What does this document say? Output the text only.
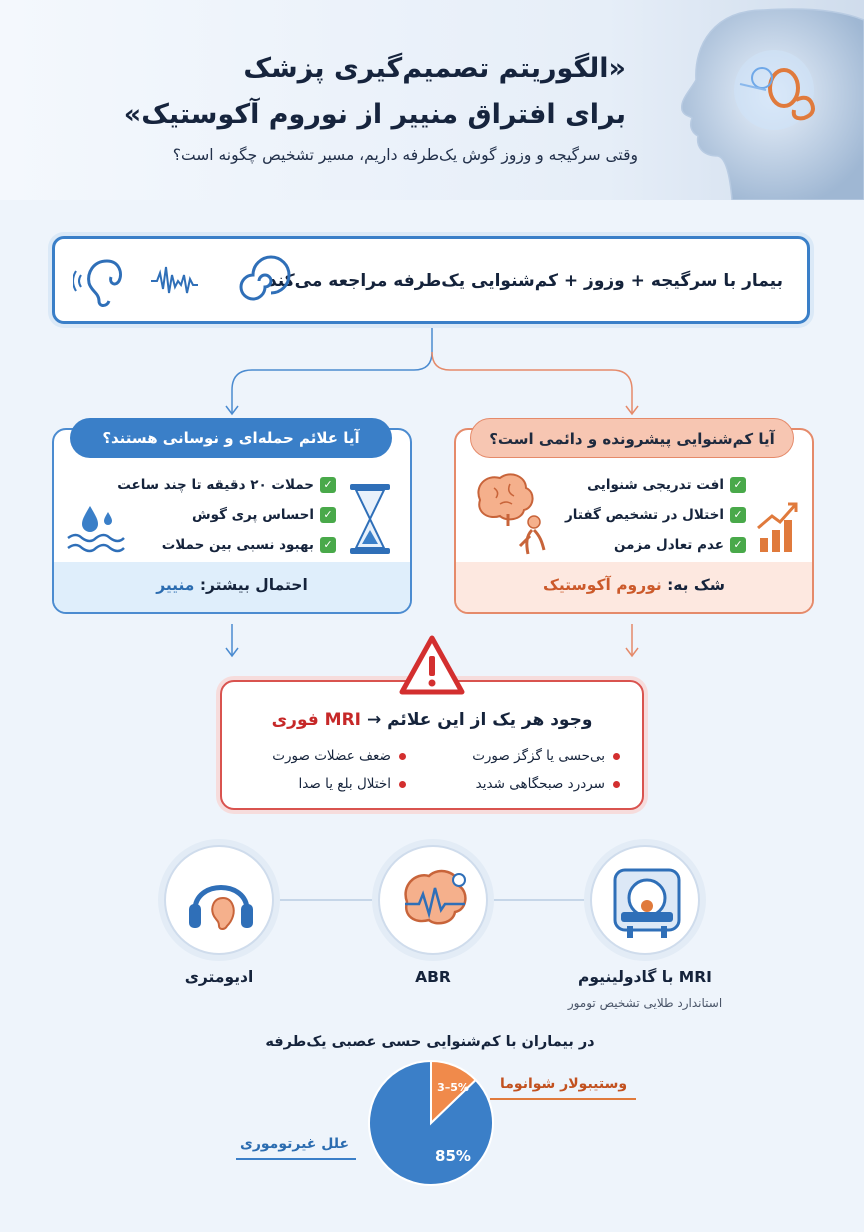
«الگوریتم تصمیم‌گیری پزشک
برای افتراق منییر از نوروم آکوستیک»
وقتی سرگیجه و وزوز گوش یک‌طرفه داریم، مسیر تشخیص چگونه است؟
بیمار با سرگیجه + وزوز + کم‌شنوایی یک‌طرفه مراجعه می‌کند
آیا علائم حمله‌ای و نوسانی هستند؟
✓حملات ۲۰ دقیقه تا چند ساعت
✓احساس پری گوش
✓بهبود نسبی بین حملات
احتمال بیشتر: منییر
آیا کم‌شنوایی پیشرونده و دائمی است؟
✓افت تدریجی شنوایی
✓اختلال در تشخیص گفتار
✓عدم تعادل مزمن
شک به: نوروم آکوستیک
وجود هر یک از این علائم → MRI فوری
بی‌حسی یا گزگز صورت
سردرد صبحگاهی شدید
ضعف عضلات صورت
اختلال بلع یا صدا
MRI با گادولینیوم
استاندارد طلایی تشخیص تومور
ABR
ادیومتری
در بیماران با کم‌شنوایی حسی عصبی یک‌طرفه
85%
3–5%
علل غیرتوموری
وستیبولار شوانوما
